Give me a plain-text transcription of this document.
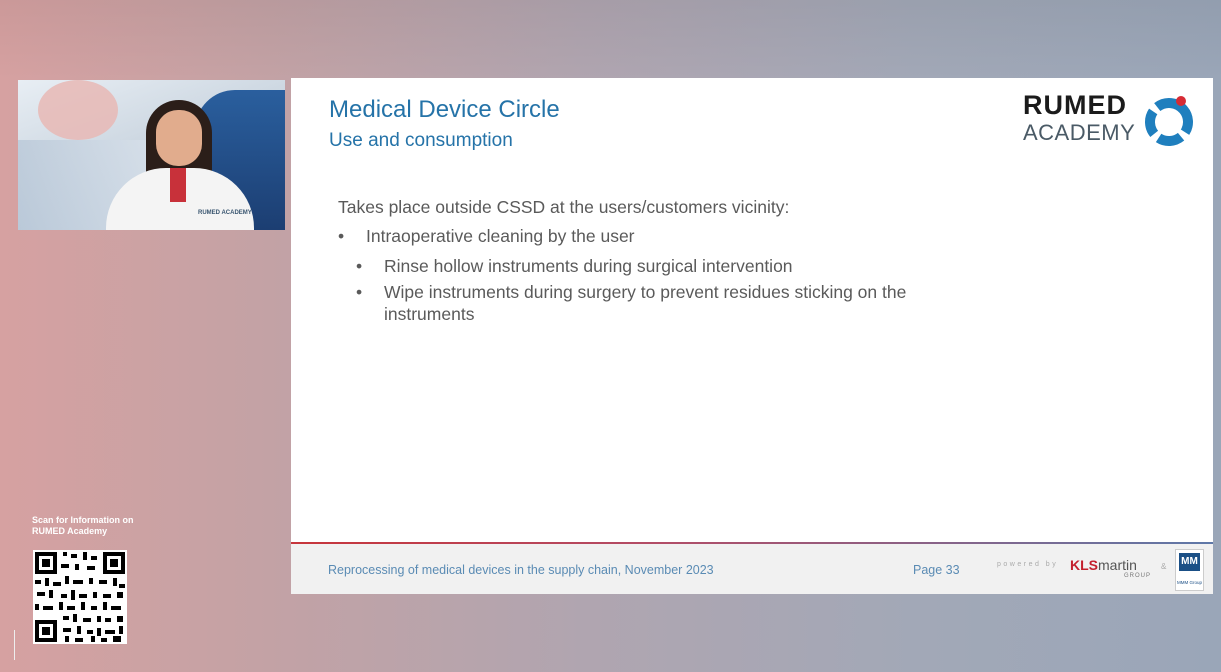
RUMED ACADEMY
Scan for Information on RUMED Academy
Medical Device Circle
Use and consumption
RUMED
ACADEMY
Takes place outside CSSD at the users/customers vicinity:
• Intraoperative cleaning by the user
• Rinse hollow instruments during surgical intervention
• Wipe instruments during surgery to prevent residues sticking on the instruments
Reprocessing of medical devices in the supply chain, November 2023	Page 33	powered by KLSmartin
GROUP
& MM
MMM Group
